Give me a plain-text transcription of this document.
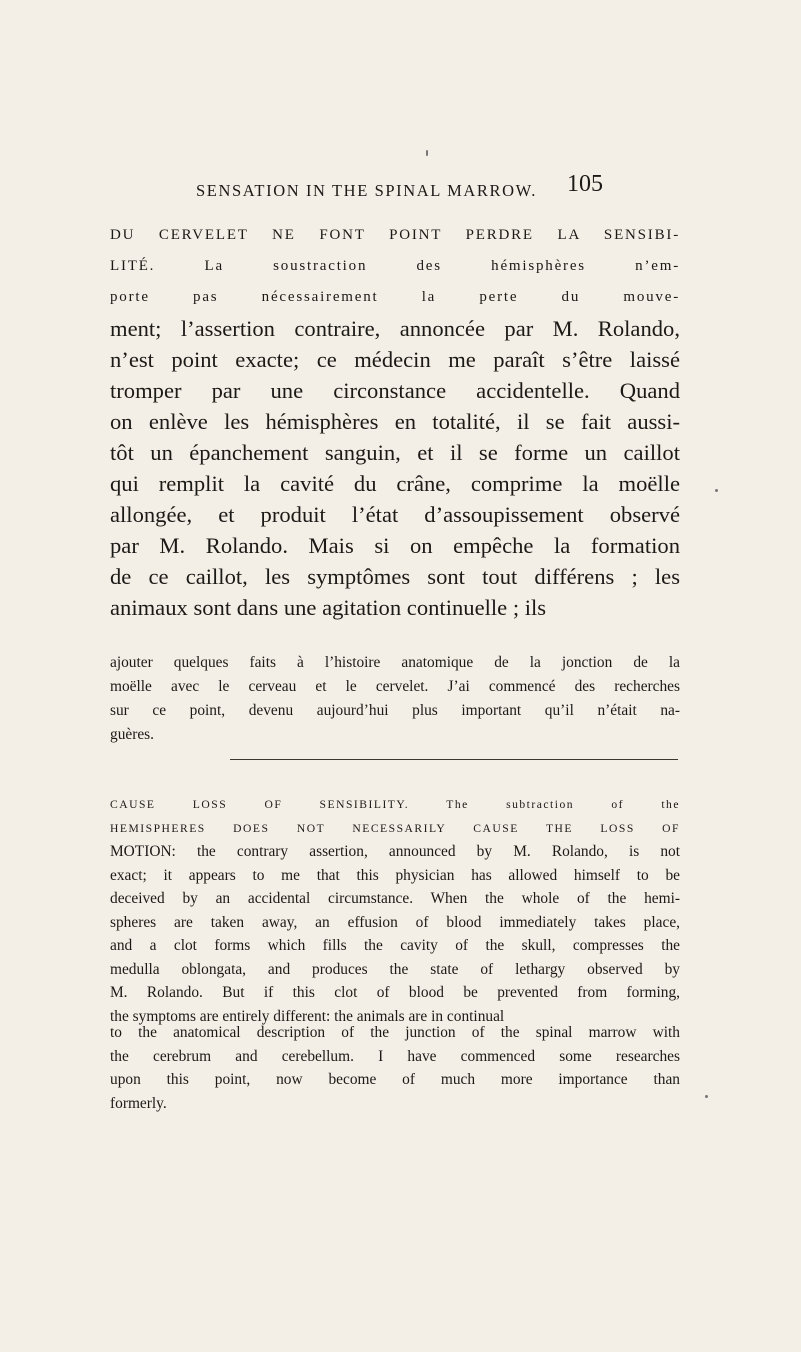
SENSATION IN THE SPINAL MARROW.	105
DU CERVELET NE FONT POINT PERDRE LA SENSIBI-
LITÉ. La soustraction des hémisphères n’em-
porte pas nécessairement la perte du mouve-
ment; l’assertion contraire, annoncée par M. Rolando,
n’est point exacte; ce médecin me paraît s’être laissé
tromper par une circonstance accidentelle. Quand
on enlève les hémisphères en totalité, il se fait aussi-
tôt un épanchement sanguin, et il se forme un caillot
qui remplit la cavité du crâne, comprime la moëlle
allongée, et produit l’état d’assoupissement observé
par M. Rolando. Mais si on empêche la formation
de ce caillot, les symptômes sont tout différens ; les
animaux sont dans une agitation continuelle ; ils
ajouter quelques faits à l’histoire anatomique de la jonction de la
moëlle avec le cerveau et le cervelet. J’ai commencé des recherches
sur ce point, devenu aujourd’hui plus important qu’il n’était na-
guères.
CAUSE LOSS OF SENSIBILITY. The subtraction of the
HEMISPHERES DOES NOT NECESSARILY CAUSE THE LOSS OF
MOTION: the contrary assertion, announced by M. Rolando, is not
exact; it appears to me that this physician has allowed himself to be
deceived by an accidental circumstance. When the whole of the hemi-
spheres are taken away, an effusion of blood immediately takes place,
and a clot forms which fills the cavity of the skull, compresses the
medulla oblongata, and produces the state of lethargy observed by
M. Rolando. But if this clot of blood be prevented from forming,
the symptoms are entirely different: the animals are in continual
to the anatomical description of the junction of the spinal marrow with
the cerebrum and cerebellum. I have commenced some researches
upon this point, now become of much more importance than
formerly.
